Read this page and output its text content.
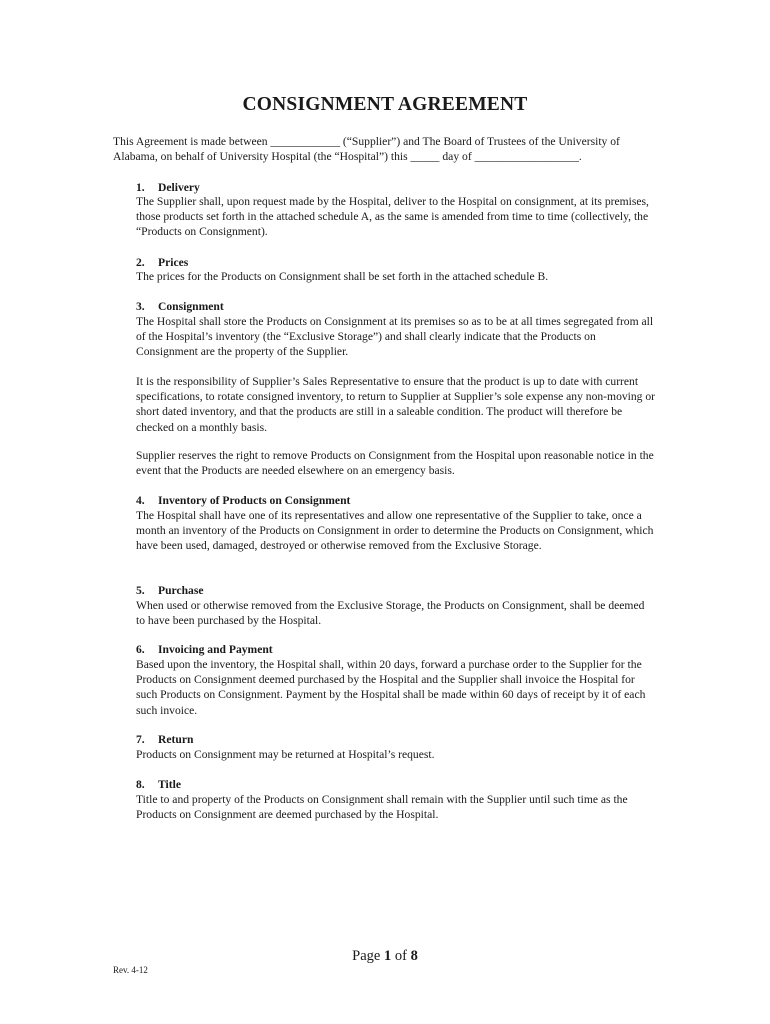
CONSIGNMENT AGREEMENT

This Agreement is made between ____________ (“Supplier”) and The Board of Trustees of the University of Alabama, on behalf of University Hospital (the “Hospital”) this _____ day of __________________.

1. Delivery

The Supplier shall, upon request made by the Hospital, deliver to the Hospital on consignment, at its premises, those products set forth in the attached schedule A, as the same is amended from time to time (collectively, the “Products on Consignment).

2. Prices

The prices for the Products on Consignment shall be set forth in the attached schedule B.

3. Consignment

The Hospital shall store the Products on Consignment at its premises so as to be at all times segregated from all of the Hospital’s inventory (the “Exclusive Storage”) and shall clearly indicate that the Products on Consignment are the property of the Supplier.

It is the responsibility of Supplier’s Sales Representative to ensure that the product is up to date with current specifications, to rotate consigned inventory, to return to Supplier at Supplier’s sole expense any non-moving or short dated inventory, and that the products are still in a saleable condition. The product will therefore be checked on a monthly basis.

Supplier reserves the right to remove Products on Consignment from the Hospital upon reasonable notice in the event that the Products are needed elsewhere on an emergency basis.

4. Inventory of Products on Consignment

The Hospital shall have one of its representatives and allow one representative of the Supplier to take, once a month an inventory of the Products on Consignment in order to determine the Products on Consignment, which have been used, damaged, destroyed or otherwise removed from the Exclusive Storage.

5. Purchase

When used or otherwise removed from the Exclusive Storage, the Products on Consignment, shall be deemed to have been purchased by the Hospital.

6. Invoicing and Payment

Based upon the inventory, the Hospital shall, within 20 days, forward a purchase order to the Supplier for the Products on Consignment deemed purchased by the Hospital and the Supplier shall invoice the Hospital for such Products on Consignment. Payment by the Hospital shall be made within 60 days of receipt by it of each such invoice.

7. Return

Products on Consignment may be returned at Hospital’s request.

8. Title

Title to and property of the Products on Consignment shall remain with the Supplier until such time as the Products on Consignment are deemed purchased by the Hospital.

Page 1 of 8
Rev. 4-12
